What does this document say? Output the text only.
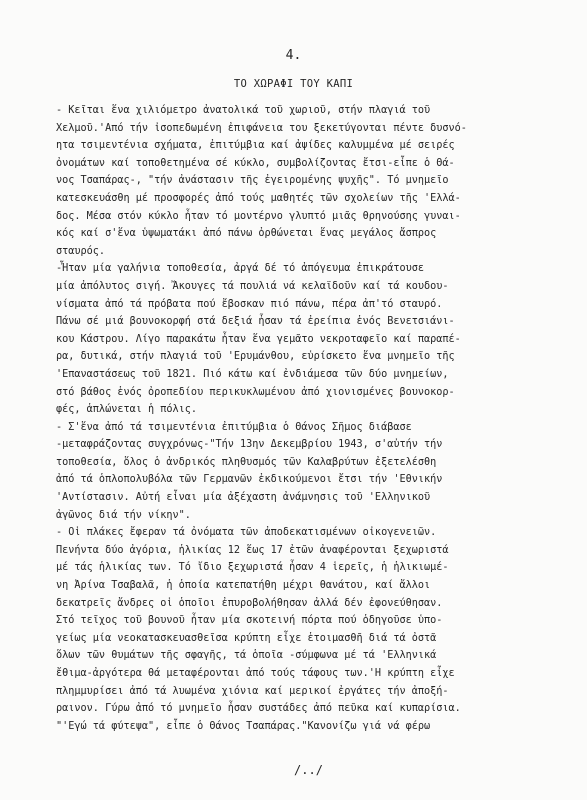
4.
ΤΟ ΧΩΡΑΦΙ ΤΟΥ ΚΑΠΙ
- Κεῖται ἕνα χιλιόμετρο ἀνατολικά τοῦ χωριοῦ, στήν πλαγιά τοῦ
Χελμοῦ.'Από τήν ἰσοπεδωμένη ἐπιφάνεια του ξεκετύγονται πέντε δυσνό-
ητα τσιμεντένια σχήματα, ἐπιτύμβια καί ἀψίδες καλυμμένα μέ σειρές
ὀνομάτων καί τοποθετημένα σέ κύκλο, συμβολίζοντας ἔτσι-εἶπε ὁ Θά-
νος Τσαπάρας-, "τήν ἀνάστασιν τῆς ἐγειρομένης ψυχῆς". Τό μνημεῖο
κατεσκευάσθη μέ προσφορές ἀπό τούς μαθητές τῶν σχολείων τῆς 'Ελλά-
δος. Μέσα στόν κύκλο ἦταν τό μοντέρνο γλυπτό μιᾶς θρηνούσης γυναι-
κός καί σ'ἕνα ὑψωματάκι ἀπό πάνω ὀρθώνεται ἕνας μεγάλος ἄσπρος
σταυρός.
-Ἦταν μία γαλήνια τοποθεσία, ἀργά δέ τό ἀπόγευμα ἐπικράτουσε
μία ἀπόλυτος σιγή. Ἄκουγες τά πουλιά νά κελαϊδοῦν καί τά κουδου-
νίσματα ἀπό τά πρόβατα πού ἔβοσκαν πιό πάνω, πέρα ἀπ'τό σταυρό.
Πάνω σέ μιά βουνοκορφή στά δεξιά ἦσαν τά ἐρείπια ἑνός Βενετσιάνι-
κου Κάστρου. Λίγο παρακάτω ἦταν ἕνα γεμᾶτο νεκροταφεῖο καί παραπέ-
ρα, δυτικά, στήν πλαγιά τοῦ 'Ερυμάνθου, εὑρίσκετο ἕνα μνημεῖο τῆς
'Επαναστάσεως τοῦ 1821. Πιό κάτω καί ἐνδιάμεσα τῶν δύο μνημείων,
στό βάθος ἑνός ὀροπεδίου περικυκλωμένου ἀπό χιονισμένες βουνοκορ-
φές, ἁπλώνεται ἡ πόλις.
- Σ'ἕνα ἀπό τά τσιμεντένια ἐπιτύμβια ὁ Θάνος Σῆμος διάβασε
-μεταφράζοντας συγχρόνως-"Τήν 13ην Δεκεμβρίου 1943, σ'αὐτήν τήν
τοποθεσία, ὅλος ὁ ἀνδρικός πληθυσμός τῶν Καλαβρύτων ἐξετελέσθη
ἀπό τά ὁπλοπολυβόλα τῶν Γερμανῶν ἐκδικούμενοι ἔτσι τήν 'Εθνικήν
'Αντίστασιν. Αὐτή εἶναι μία ἀξέχαστη ἀνάμνησις τοῦ 'Ελληνικοῦ
ἀγῶνος διά τήν νίκην".
- Οἱ πλάκες ἔφεραν τά ὀνόματα τῶν ἀποδεκατισμένων οἰκογενειῶν.
Πενήντα δύο ἀγόρια, ἡλικίας 12 ἕως 17 ἐτῶν ἀναφέρονται ξεχωριστά
μέ τάς ἡλικίας των. Τό ἴδιο ξεχωριστά ἦσαν 4 ἱερεῖς, ἡ ἡλικιωμέ-
νη Ἀρίνα Τσαβαλᾶ, ἡ ὁποία κατεπατήθη μέχρι θανάτου, καί ἄλλοι
δεκατρεῖς ἄνδρες οἱ ὁποῖοι ἐπυροβολήθησαν ἀλλά δέν ἐφονεύθησαν.
Στό τεῖχος τοῦ βουνοῦ ἦταν μία σκοτεινή πόρτα πού ὁδηγοῦσε ὑπο-
γείως μία νεοκατασκευασθεῖσα κρύπτη εἶχε ἑτοιμασθῆ διά τά ὀστᾶ
ὅλων τῶν θυμάτων τῆς σφαγῆς, τά ὁποῖα -σύμφωνα μέ τά 'Ελληνικά
ἔθιμα-ἀργότερα θά μεταφέρονται ἀπό τούς τάφους των.'Η κρύπτη εἶχε
πλημμυρίσει ἀπό τά λυωμένα χιόνια καί μερικοί ἐργάτες τήν ἀποξή-
ραινον. Γύρω ἀπό τό μνημεῖο ἦσαν συστάδες ἀπό πεῦκα καί κυπαρίσια.
"'Εγώ τά φύτεψα", εἶπε ὁ Θάνος Τσαπάρας."Κανονίζω γιά νά φέρω
/../
